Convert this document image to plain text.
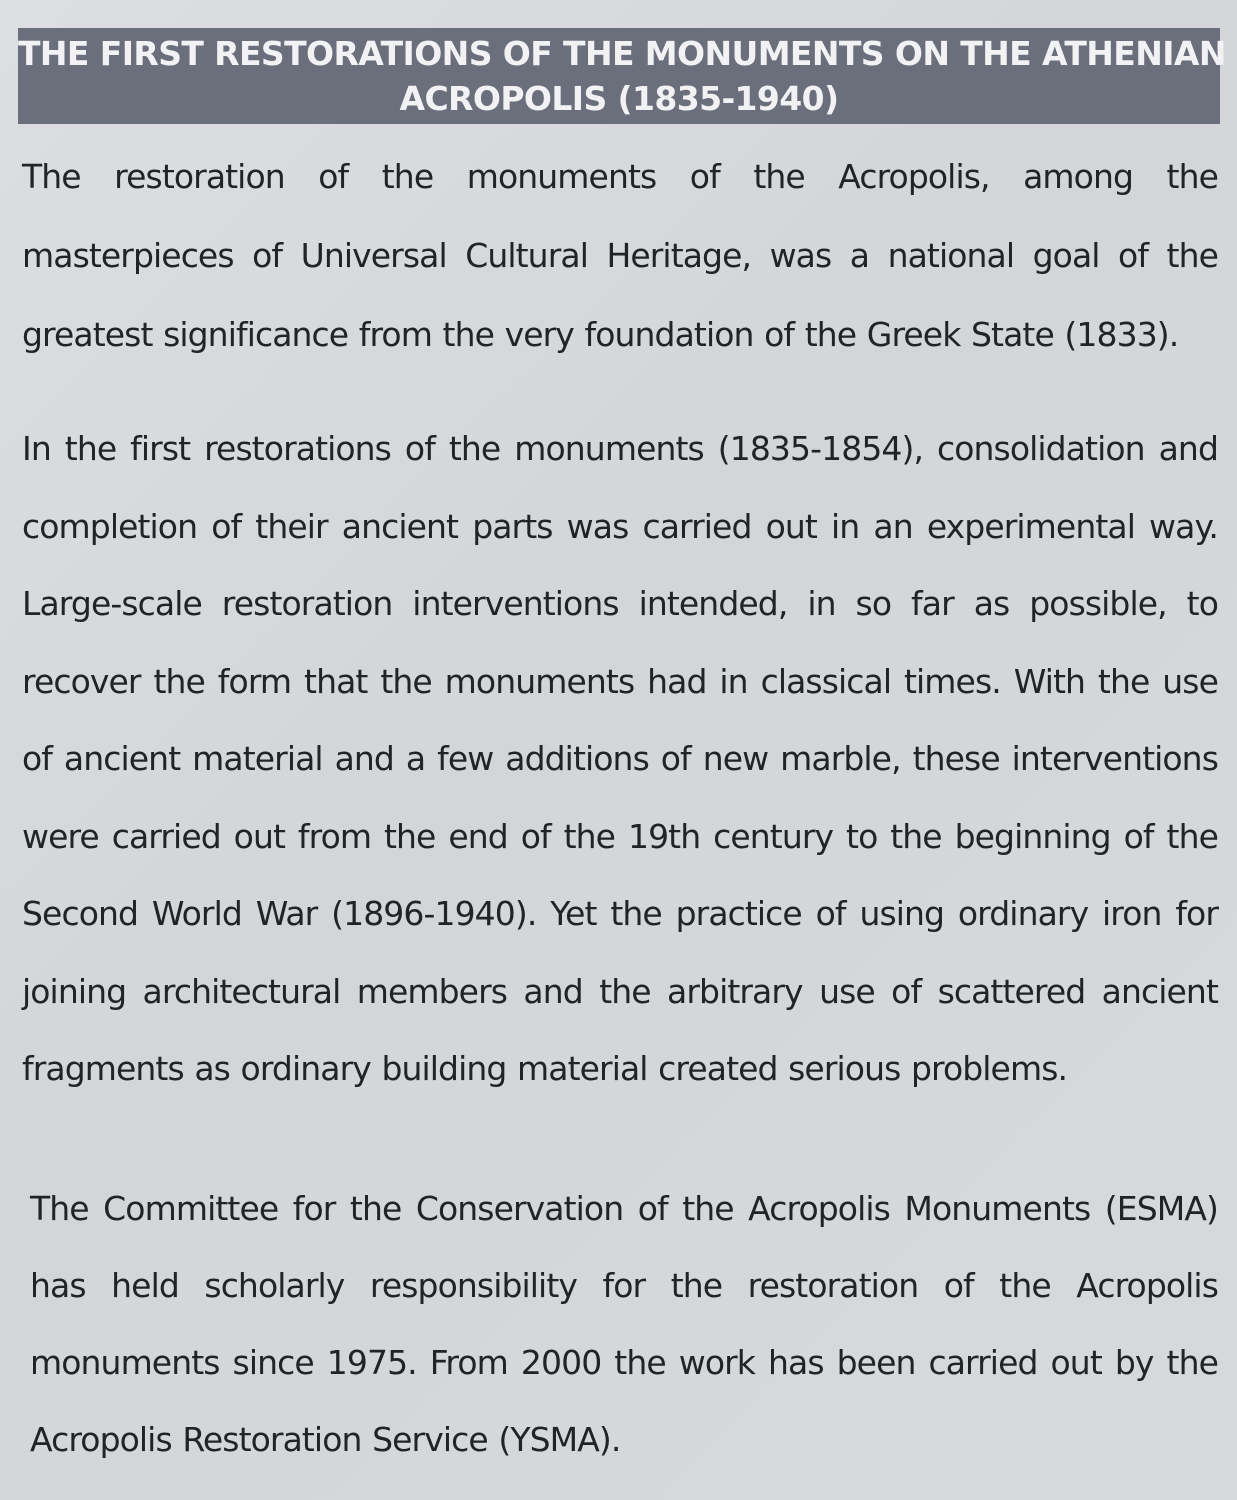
THE FIRST RESTORATIONS OF THE MONUMENTS ON THE ATHENIAN
ACROPOLIS (1835-1940)

The restoration of the monuments of the Acropolis, among the masterpieces of Universal Cultural Heritage, was a national goal of the greatest significance from the very foundation of the Greek State (1833).

In the first restorations of the monuments (1835-1854), consolidation and completion of their ancient parts was carried out in an experimental way. Large-scale restoration interventions intended, in so far as possible, to recover the form that the monuments had in classical times. With the use of ancient material and a few additions of new marble, these interventions were carried out from the end of the 19th century to the beginning of the Second World War (1896-1940). Yet the practice of using ordinary iron for joining architectural members and the arbitrary use of scattered ancient fragments as ordinary building material created serious problems.

The Committee for the Conservation of the Acropolis Monuments (ESMA) has held scholarly responsibility for the restoration of the Acropolis monuments since 1975. From 2000 the work has been carried out by the Acropolis Restoration Service (YSMA).
